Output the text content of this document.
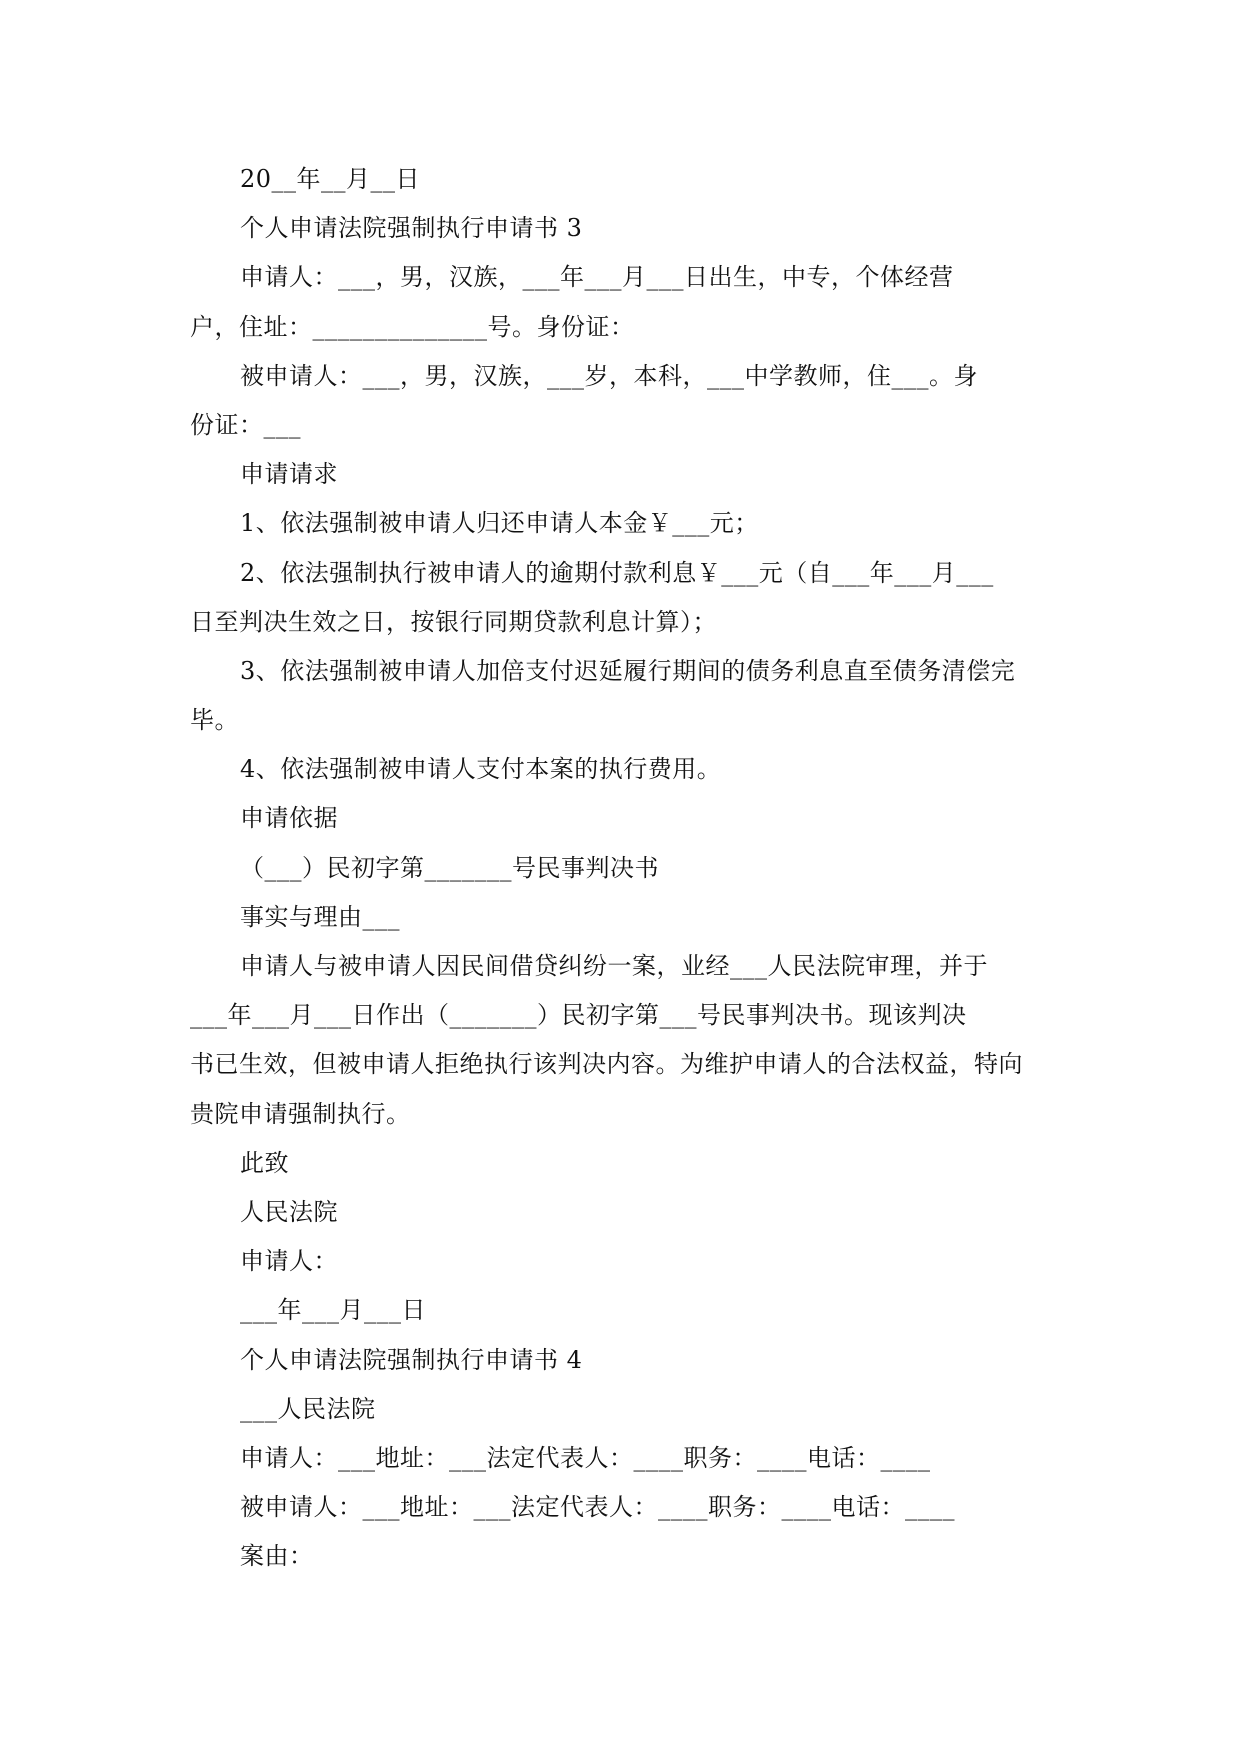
20__年__月__日

个人申请法院强制执行申请书 3

申请人：___，男，汉族，___年___月___日出生，中专，个体经营

户，住址：______________号。身份证：

被申请人：___，男，汉族，___岁，本科，___中学教师，住___。身

份证：___

申请请求

1、依法强制被申请人归还申请人本金￥___元；

2、依法强制执行被申请人的逾期付款利息￥___元（自___年___月___

日至判决生效之日，按银行同期贷款利息计算）；

3、依法强制被申请人加倍支付迟延履行期间的债务利息直至债务清偿完

毕。

4、依法强制被申请人支付本案的执行费用。

申请依据

（___）民初字第_______号民事判决书

事实与理由___

申请人与被申请人因民间借贷纠纷一案，业经___人民法院审理，并于

___年___月___日作出（_______）民初字第___号民事判决书。现该判决

书已生效，但被申请人拒绝执行该判决内容。为维护申请人的合法权益，特向

贵院申请强制执行。

此致

人民法院

申请人：

___年___月___日

个人申请法院强制执行申请书 4

___人民法院

申请人：___地址：___法定代表人：____职务：____电话：____

被申请人：___地址：___法定代表人：____职务：____电话：____

案由：
